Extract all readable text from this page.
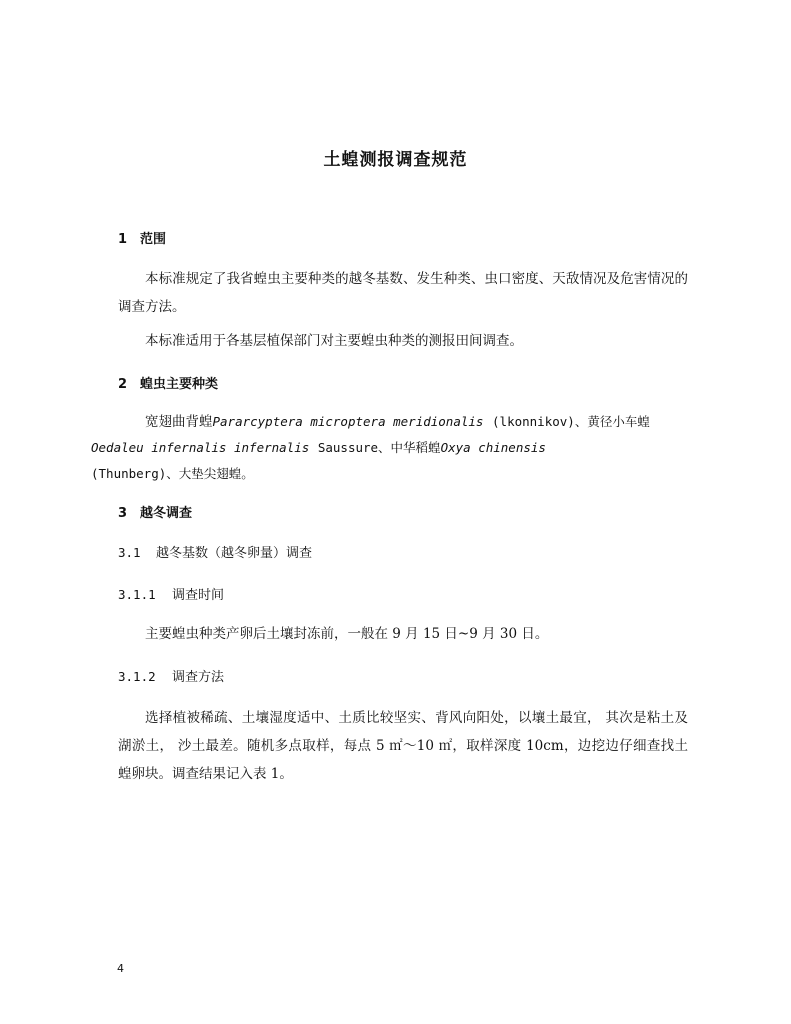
土蝗测报调查规范
1 范围
本标准规定了我省蝗虫主要种类的越冬基数、发生种类、虫口密度、天敌情况及危害情况的调查方法。
本标准适用于各基层植保部门对主要蝗虫种类的测报田间调查。
2 蝗虫主要种类
宽翅曲背蝗Pararcyptera microptera meridionalis (lkonnikov)、黄径小车蝗
Oedaleu infernalis infernalis Saussure、中华稻蝗Oxya chinensis
(Thunberg)、大垫尖翅蝗。
3 越冬调查
3.1 越冬基数（越冬卵量）调查
3.1.1 调查时间
主要蝗虫种类产卵后土壤封冻前，一般在 9 月 15 日~9 月 30 日。
3.1.2 调查方法
选择植被稀疏、土壤湿度适中、土质比较坚实、背风向阳处，以壤土最宜， 其次是粘土及湖淤土， 沙土最差。随机多点取样，每点 5 ㎡～10 ㎡，取样深度 10cm，边挖边仔细查找土蝗卵块。调查结果记入表 1。
4
